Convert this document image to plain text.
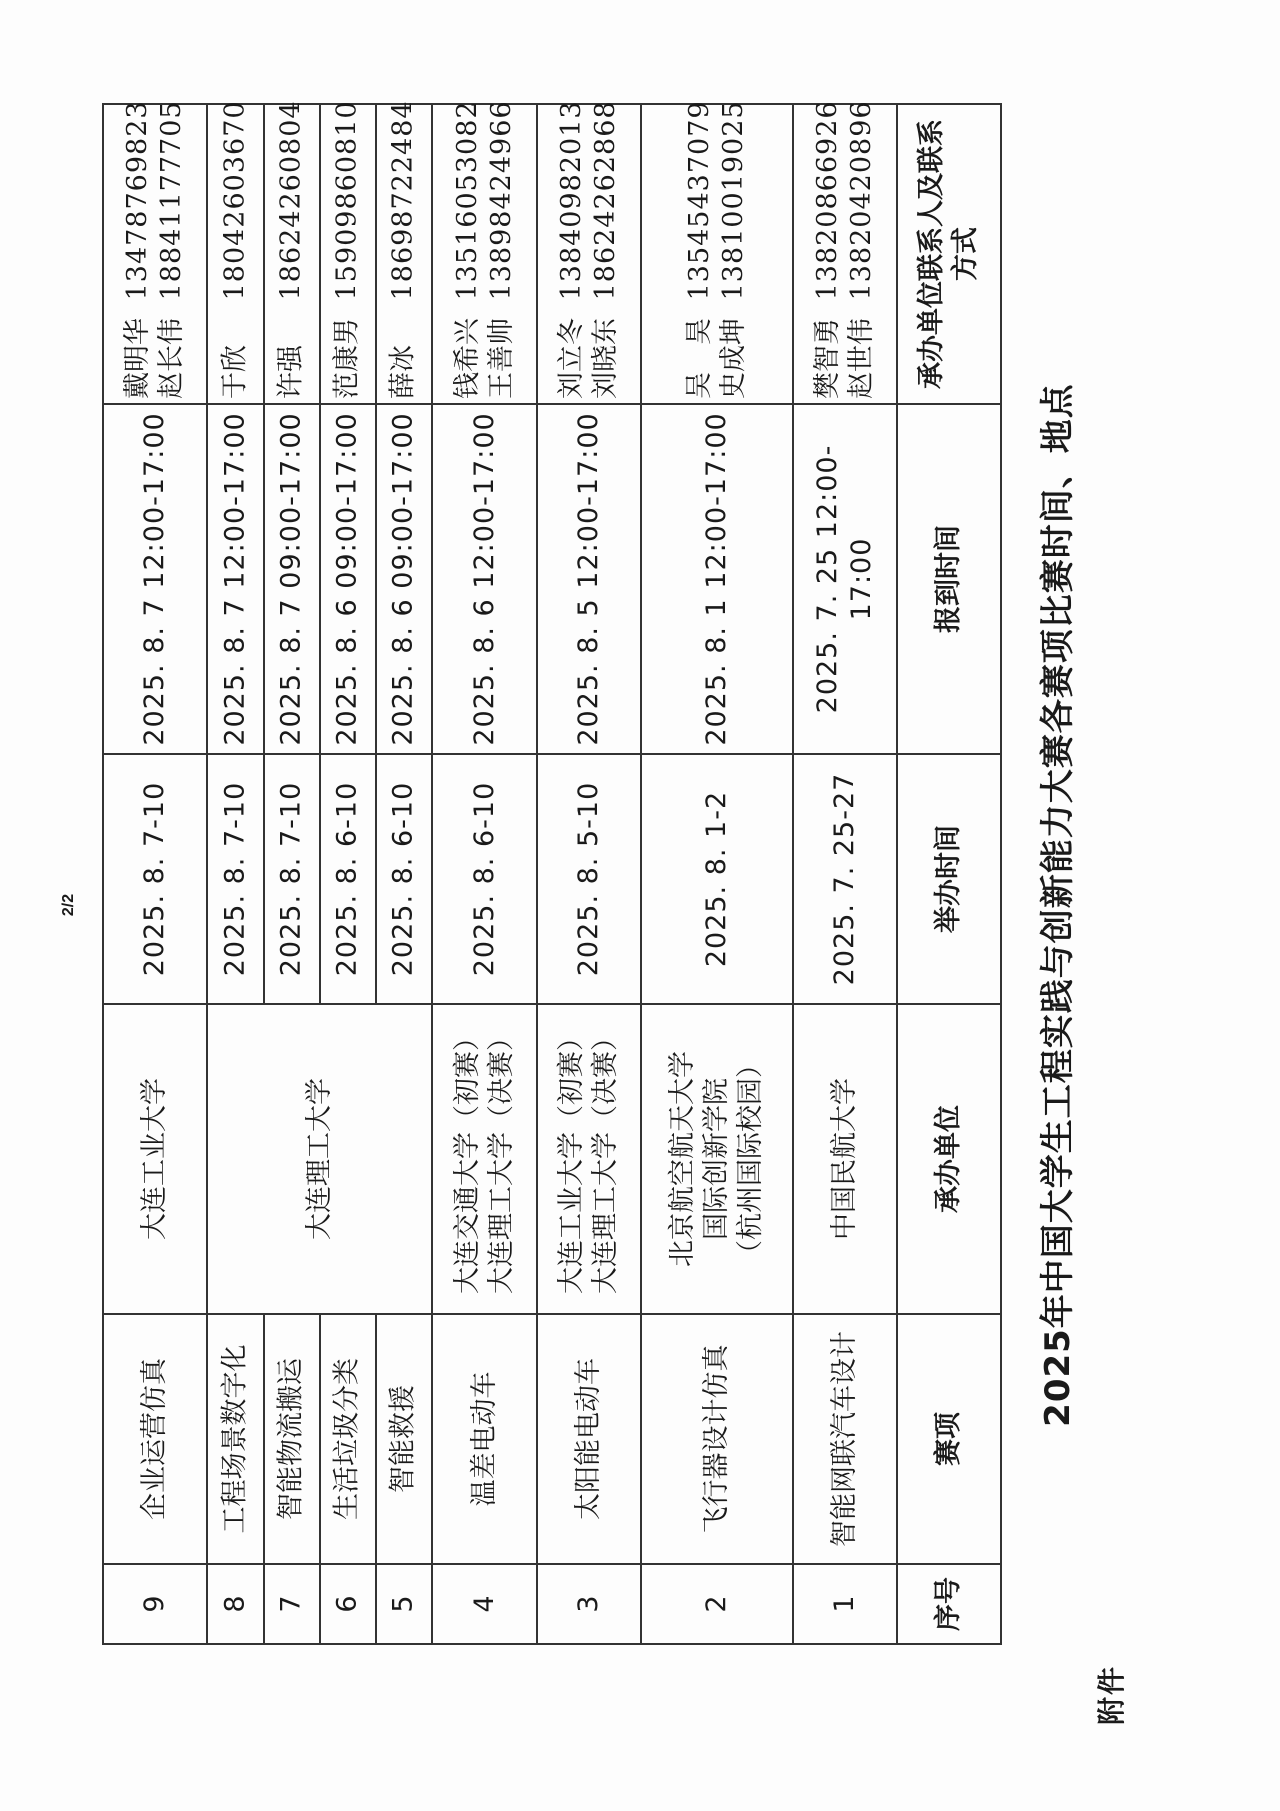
2/2
序号	赛项	承办单位	举办时间	报到时间	承办单位联系人及联系方式
1	智能网联汽车设计	中国民航大学	2025. 7. 25-27	2025. 7. 25 12:00-17:00	樊智勇 13820866926
赵世伟 13820420896

2	飞行器设计仿真	北京航空航天大学 国际创新学院 （杭州国际校园）	2025. 8. 1-2	2025. 8. 1 12:00-17:00	吴　昊 13545437079
史成坤 13810019025

3	太阳能电动车	大连工业大学（初赛） 大连理工大学（决赛）	2025. 8. 5-10	2025. 8. 5 12:00-17:00	刘立冬 13840982013
刘晓东 18624262868

4	温差电动车	大连交通大学（初赛） 大连理工大学（决赛）	2025. 8. 6-10	2025. 8. 6 12:00-17:00	钱希兴 13516053082
王善帅 13898424966

5	智能救援	大连理工大学	2025. 8. 6-10	2025. 8. 6 09:00-17:00	薛冰 18698722484

6	生活垃圾分类		2025. 8. 6-10	2025. 8. 6 09:00-17:00	范康男 15909860810

7	智能物流搬运		2025. 8. 7-10	2025. 8. 7 09:00-17:00	许强 18624260804

8	工程场景数字化		2025. 8. 7-10	2025. 8. 7 12:00-17:00	于欣 18042603670

9	企业运营仿真	大连工业大学	2025. 8. 7-10	2025. 8. 7 12:00-17:00	戴明华 13478769823
赵长伟 18841177705
2025年中国大学生工程实践与创新能力大赛各赛项比赛时间、地点
附件
